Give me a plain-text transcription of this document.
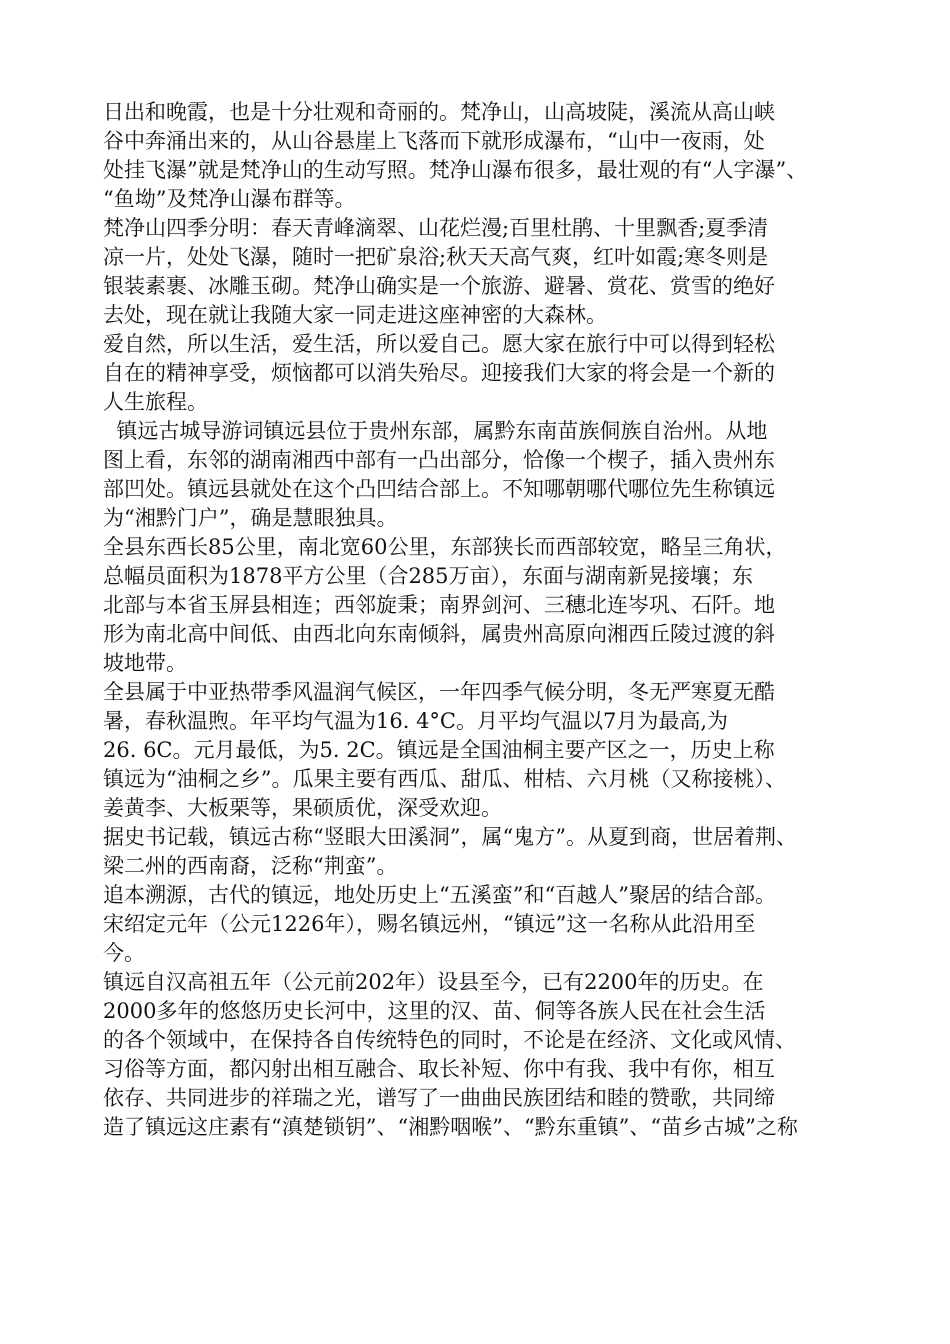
日出和晚霞，也是十分壮观和奇丽的。梵净山，山高坡陡，溪流从高山峡
谷中奔涌出来的，从山谷悬崖上飞落而下就形成瀑布，“山中一夜雨，处
处挂飞瀑”就是梵净山的生动写照。梵净山瀑布很多，最壮观的有“人字瀑”、
“鱼坳”及梵净山瀑布群等。
梵净山四季分明：春天青峰滴翠、山花烂漫;百里杜鹃、十里飘香;夏季清
凉一片，处处飞瀑，随时一把矿泉浴;秋天天高气爽，红叶如霞;寒冬则是
银装素裹、冰雕玉砌。梵净山确实是一个旅游、避暑、赏花、赏雪的绝好
去处，现在就让我随大家一同走进这座神密的大森林。
爱自然，所以生活，爱生活，所以爱自己。愿大家在旅行中可以得到轻松
自在的精神享受，烦恼都可以消失殆尽。迎接我们大家的将会是一个新的
人生旅程。
镇远古城导游词镇远县位于贵州东部，属黔东南苗族侗族自治州。从地
图上看，东邻的湖南湘西中部有一凸出部分，恰像一个楔子，插入贵州东
部凹处。镇远县就处在这个凸凹结合部上。不知哪朝哪代哪位先生称镇远
为“湘黔门户”，确是慧眼独具。
全县东西长85公里，南北宽60公里，东部狭长而西部较宽，略呈三角状，
总幅员面积为1878平方公里（合285万亩），东面与湖南新晃接壤；东
北部与本省玉屏县相连；西邻旋秉；南界剑河、三穗北连岑巩、石阡。地
形为南北高中间低、由西北向东南倾斜，属贵州高原向湘西丘陵过渡的斜
坡地带。
全县属于中亚热带季风温润气候区，一年四季气候分明，冬无严寒夏无酷
暑，春秋温煦。年平均气温为16. 4°C。月平均气温以7月为最高,为
26. 6C。元月最低，为5. 2C。镇远是全国油桐主要产区之一，历史上称
镇远为“油桐之乡”。瓜果主要有西瓜、甜瓜、柑桔、六月桃（又称接桃）、
姜黄李、大板栗等，果硕质优，深受欢迎。
据史书记载，镇远古称“竖眼大田溪洞”，属“鬼方”。从夏到商，世居着荆、
梁二州的西南裔，泛称“荆蛮”。
追本溯源，古代的镇远，地处历史上“五溪蛮”和“百越人”聚居的结合部。
宋绍定元年（公元1226年），赐名镇远州，“镇远”这一名称从此沿用至
今。
镇远自汉高祖五年（公元前202年）设县至今，已有2200年的历史。在
2000多年的悠悠历史长河中，这里的汉、苗、侗等各族人民在社会生活
的各个领域中，在保持各自传统特色的同时，不论是在经济、文化或风情、
习俗等方面，都闪射出相互融合、取长补短、你中有我、我中有你，相互
依存、共同进步的祥瑞之光，谱写了一曲曲民族团结和睦的赞歌，共同缔
造了镇远这庄素有“滇楚锁钥”、“湘黔咽喉”、“黔东重镇”、“苗乡古城”之称
